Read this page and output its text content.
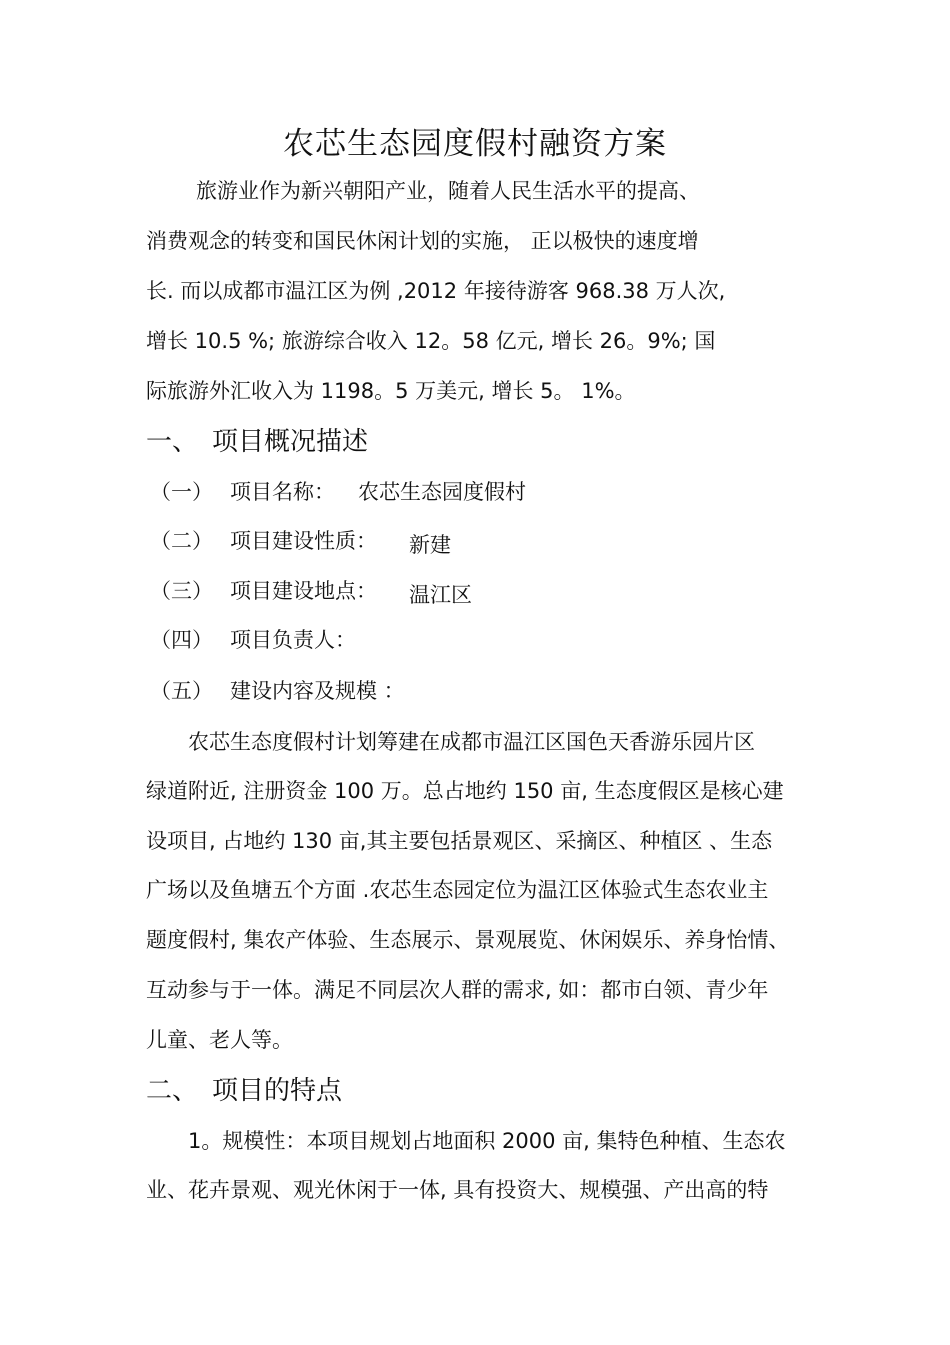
农芯生态园度假村融资方案
旅游业作为新兴朝阳产业，随着人民生活水平的提高、
消费观念的转变和国民休闲计划的实施， 正以极快的速度增
长. 而以成都市温江区为例 ,2012 年接待游客 968.38 万人次,
增长 10.5 %; 旅游综合收入 12。58 亿元, 增长 26。9%; 国
际旅游外汇收入为 1198。5 万美元, 增长 5。 1%。
一、 项目概况描述
（一） 项目名称： 农芯生态园度假村
（二） 项目建设性质： 新建
（三） 项目建设地点： 温江区
（四） 项目负责人：
（五） 建设内容及规模 ：
农芯生态度假村计划筹建在成都市温江区国色天香游乐园片区
绿道附近, 注册资金 100 万。总占地约 150 亩, 生态度假区是核心建
设项目, 占地约 130 亩,其主要包括景观区、采摘区、种植区 、生态
广场以及鱼塘五个方面 .农芯生态园定位为温江区体验式生态农业主
题度假村, 集农产体验、生态展示、景观展览、休闲娱乐、养身怡情、
互动参与于一体。满足不同层次人群的需求, 如：都市白领、青少年
儿童、老人等。
二、 项目的特点
1。规模性：本项目规划占地面积 2000 亩, 集特色种植、生态农
业、花卉景观、观光休闲于一体, 具有投资大、规模强、产出高的特
